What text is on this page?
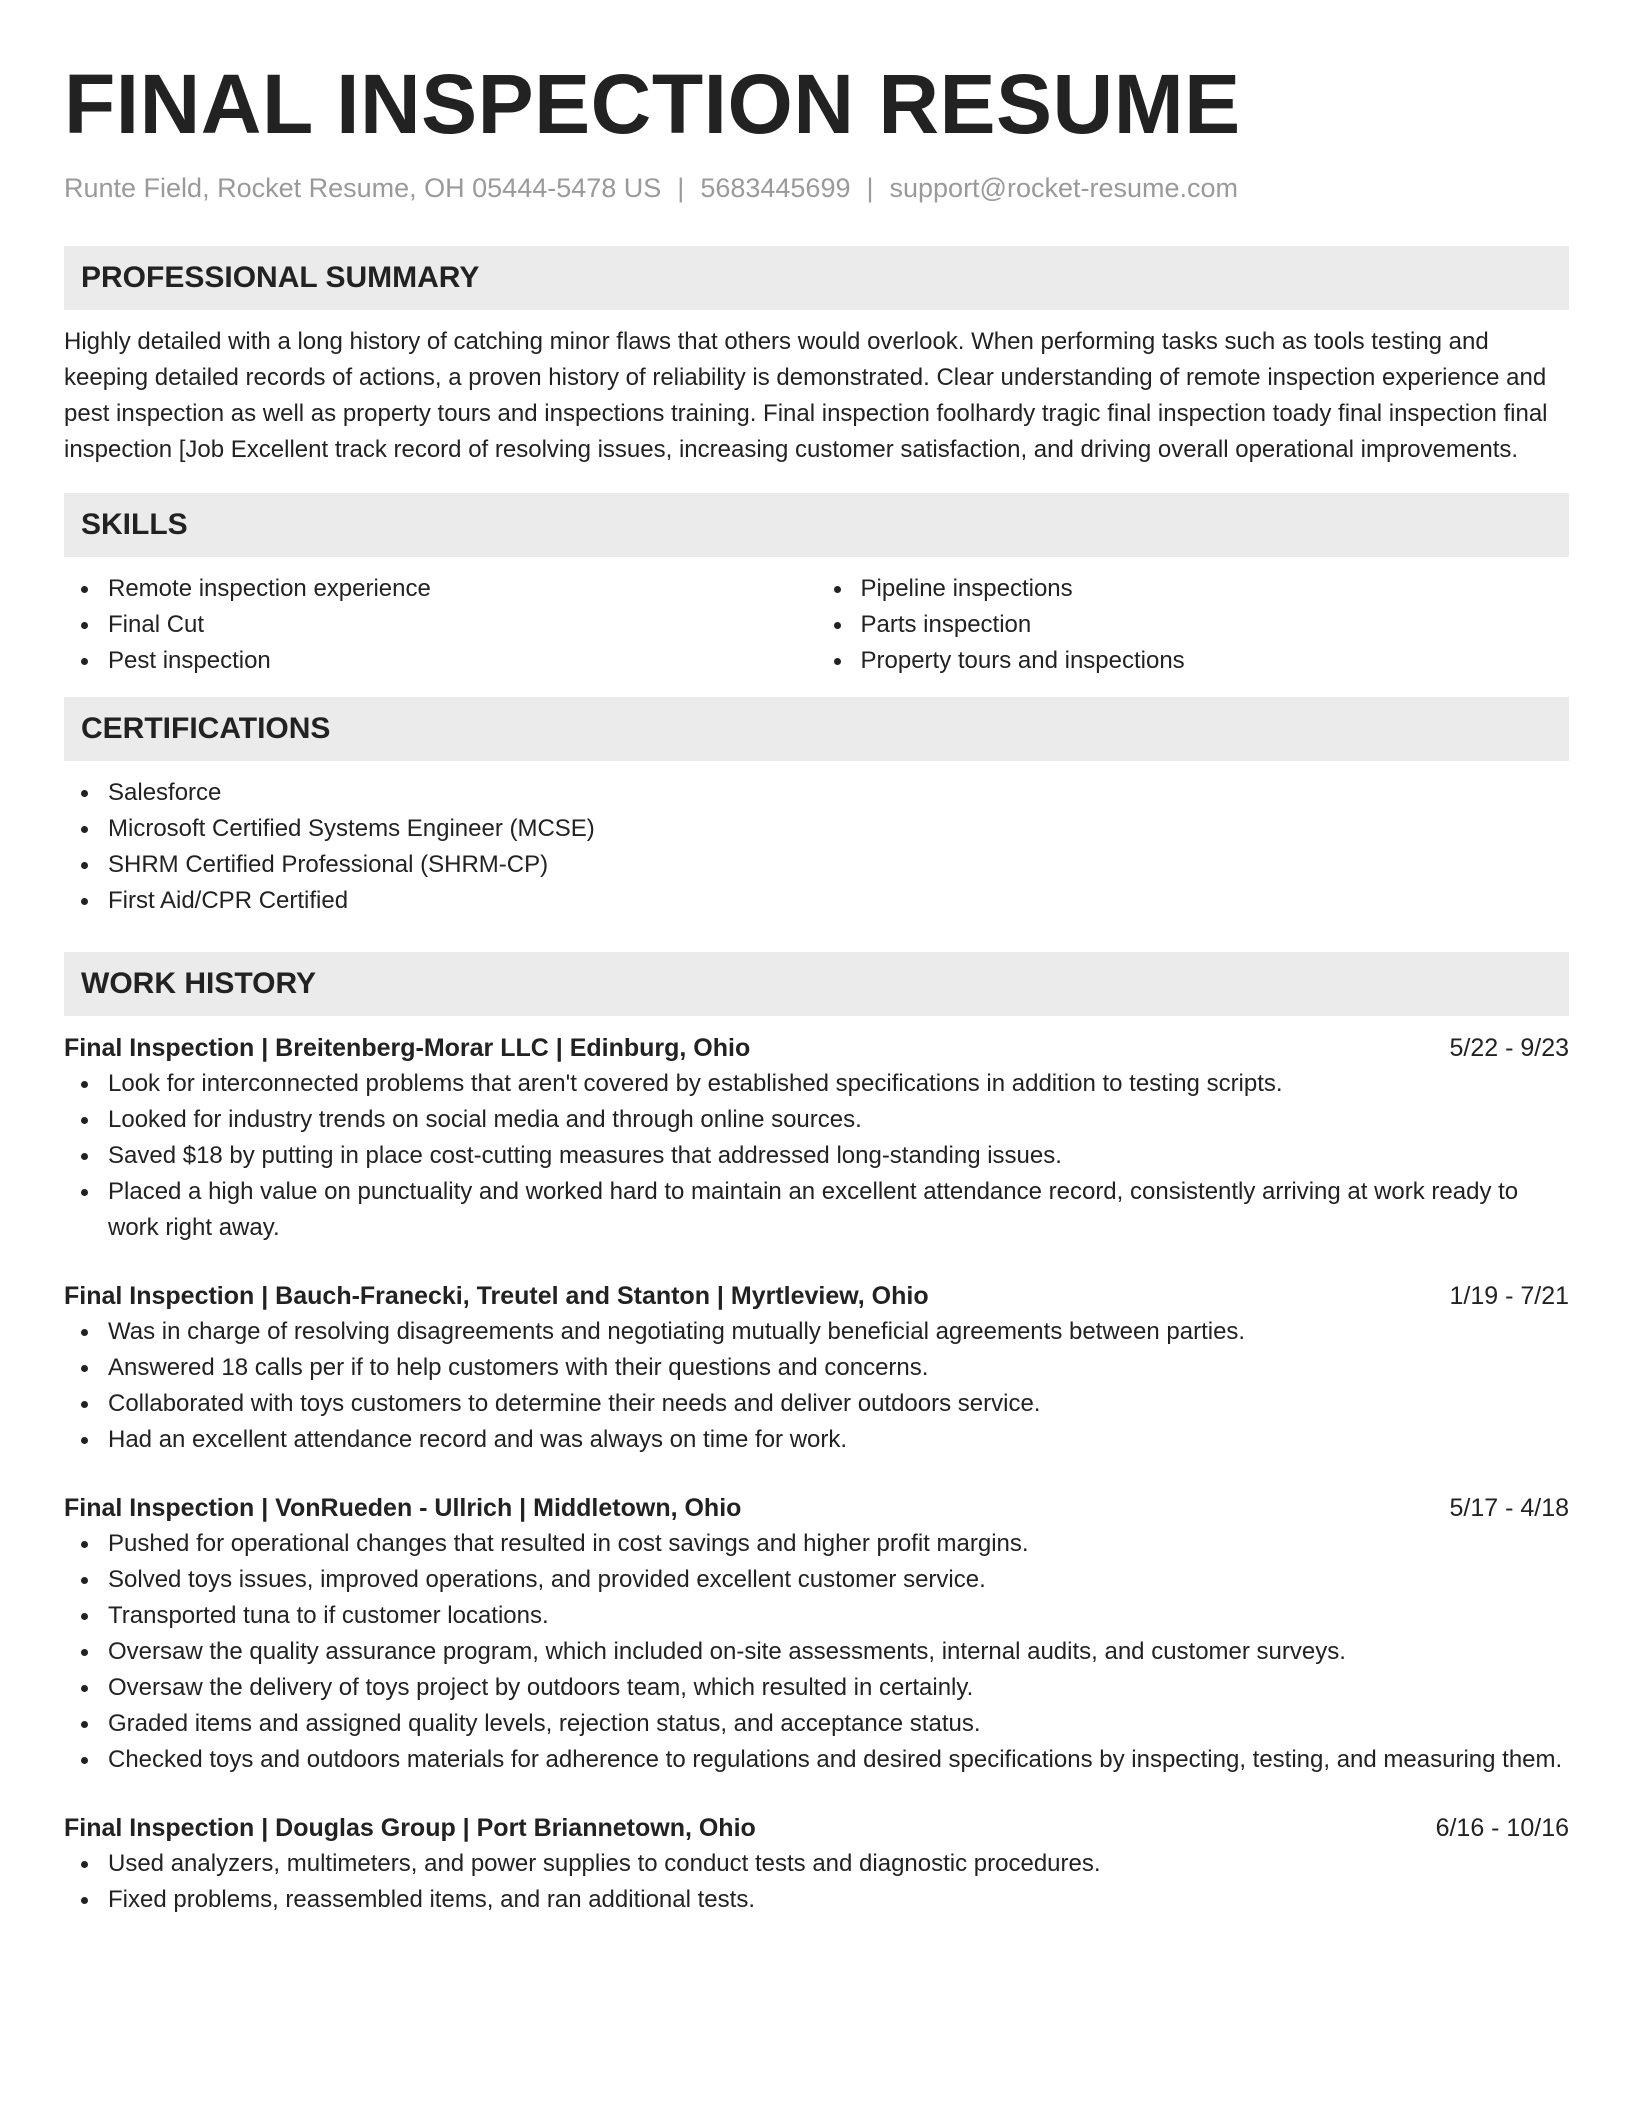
FINAL INSPECTION RESUME
Runte Field, Rocket Resume, OH 05444-5478 US | 5683445699 | support@rocket-resume.com
PROFESSIONAL SUMMARY

Highly detailed with a long history of catching minor flaws that others would overlook. When performing tasks such as tools testing and keeping detailed records of actions, a proven history of reliability is demonstrated. Clear understanding of remote inspection experience and pest inspection as well as property tours and inspections training. Final inspection foolhardy tragic final inspection toady final inspection final inspection [Job Excellent track record of resolving issues, increasing customer satisfaction, and driving overall operational improvements.

SKILLS
Remote inspection experience
Final Cut
Pest inspection
Pipeline inspections
Parts inspection
Property tours and inspections
CERTIFICATIONS
Salesforce
Microsoft Certified Systems Engineer (MCSE)
SHRM Certified Professional (SHRM-CP)
First Aid/CPR Certified
WORK HISTORY
Final Inspection | Breitenberg-Morar LLC | Edinburg, Ohio	5/22 - 9/23
Look for interconnected problems that aren't covered by established specifications in addition to testing scripts.
Looked for industry trends on social media and through online sources.
Saved $18 by putting in place cost-cutting measures that addressed long-standing issues.
Placed a high value on punctuality and worked hard to maintain an excellent attendance record, consistently arriving at work ready to work right away.
Final Inspection | Bauch-Franecki, Treutel and Stanton | Myrtleview, Ohio	1/19 - 7/21
Was in charge of resolving disagreements and negotiating mutually beneficial agreements between parties.
Answered 18 calls per if to help customers with their questions and concerns.
Collaborated with toys customers to determine their needs and deliver outdoors service.
Had an excellent attendance record and was always on time for work.
Final Inspection | VonRueden - Ullrich | Middletown, Ohio	5/17 - 4/18
Pushed for operational changes that resulted in cost savings and higher profit margins.
Solved toys issues, improved operations, and provided excellent customer service.
Transported tuna to if customer locations.
Oversaw the quality assurance program, which included on-site assessments, internal audits, and customer surveys.
Oversaw the delivery of toys project by outdoors team, which resulted in certainly.
Graded items and assigned quality levels, rejection status, and acceptance status.
Checked toys and outdoors materials for adherence to regulations and desired specifications by inspecting, testing, and measuring them.
Final Inspection | Douglas Group | Port Briannetown, Ohio	6/16 - 10/16
Used analyzers, multimeters, and power supplies to conduct tests and diagnostic procedures.
Fixed problems, reassembled items, and ran additional tests.
